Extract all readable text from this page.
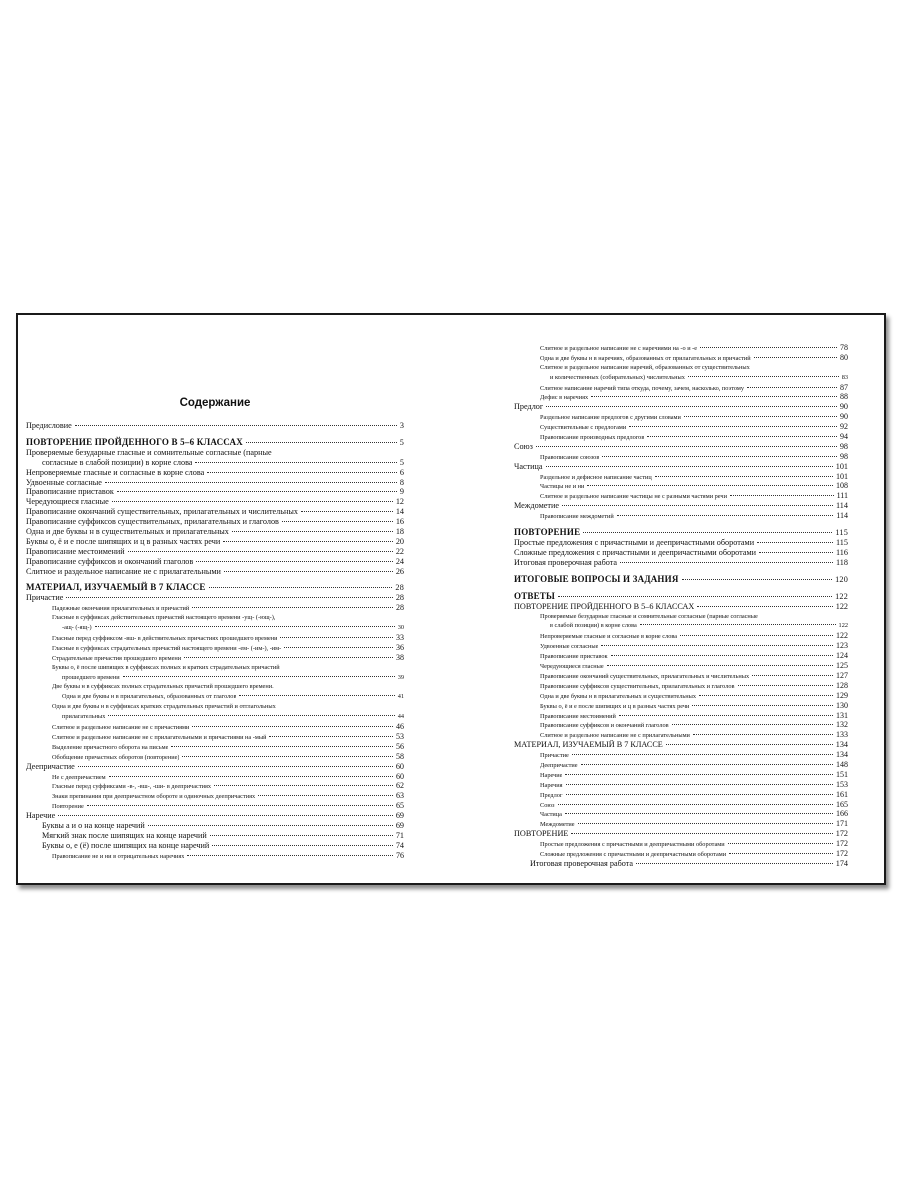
Содержание
Предисловие	3
ПОВТОРЕНИЕ ПРОЙДЕННОГО В 5–6 КЛАССАХ	5
Проверяемые безударные гласные и сомнительные согласные (парные
согласные в слабой позиции) в корне слова	5
Непроверяемые гласные и согласные в корне слова	6
Удвоенные согласные	8
Правописание приставок	9
Чередующиеся гласные	12
Правописание окончаний существительных, прилагательных и числительных	14
Правописание суффиксов существительных, прилагательных и глаголов	16
Одна и две буквы н в существительных и прилагательных	18
Буквы о, ё и е после шипящих и ц в разных частях речи	20
Правописание местоимений	22
Правописание суффиксов и окончаний глаголов	24
Слитное и раздельное написание не с прилагательными	26
МАТЕРИАЛ, ИЗУЧАЕМЫЙ В 7 КЛАССЕ	28
Причастие	28
Падежные окончания прилагательных и причастий	28
Гласные в суффиксах действительных причастий настоящего времени -ущ- (-ющ-),
-ащ- (-ящ-)	30
Гласные перед суффиксом -вш- в действительных причастиях прошедшего времени	33
Гласные в суффиксах страдательных причастий настоящего времени -ем- (-им-), -им-	36
Страдательные причастия прошедшего времени	38
Буквы о, ё после шипящих в суффиксах полных и кратких страдательных причастий
прошедшего времени	39
Две буквы н в суффиксах полных страдательных причастий прошедшего времени.
Одна и две буквы н в прилагательных, образованных от глаголов	41
Одна и две буквы н в суффиксах кратких страдательных причастий и отглагольных
прилагательных	44
Слитное и раздельное написание не с причастиями	46
Слитное и раздельное написание не с прилагательными и причастиями на -мый	53
Выделение причастного оборота на письме	56
Обобщение причастных оборотов (повторение)	58
Деепричастие	60
Не с деепричастием	60
Гласные перед суффиксами -в-, -вш-, -ши- в деепричастиях	62
Знаки препинания при деепричастном обороте и одиночных деепричастиях	63
Повторение	65
Наречие	69
Буквы а и о на конце наречий	69
Мягкий знак после шипящих на конце наречий	71
Буквы о, е (ё) после шипящих на конце наречий	74
Правописание не и ни в отрицательных наречиях	76
Слитное и раздельное написание не с наречиями на -о и -е	78
Одна и две буквы н в наречиях, образованных от прилагательных и причастий	80
Слитное и раздельное написание наречий, образованных от существительных
и количественных (собирательных) числительных	83
Слитное написание наречий типа откуда, почему, зачем, насколько, поэтому	87
Дефис в наречиях	88
Предлог	90
Раздельное написание предлогов с другими словами	90
Существительные с предлогами	92
Правописание производных предлогов	94
Союз	98
Правописание союзов	98
Частица	101
Раздельное и дефисное написание частиц	101
Частицы не и ни	108
Слитное и раздельное написание частицы не с разными частями речи	111
Междометие	114
Правописание междометий	114
ПОВТОРЕНИЕ	115
Простые предложения с причастными и деепричастными оборотами	115
Сложные предложения с причастными и деепричастными оборотами	116
Итоговая проверочная работа	118
ИТОГОВЫЕ ВОПРОСЫ И ЗАДАНИЯ	120
ОТВЕТЫ	122
ПОВТОРЕНИЕ ПРОЙДЕННОГО В 5–6 КЛАССАХ	122
Проверяемые безударные гласные и сомнительные согласные (парные согласные
в слабой позиции) в корне слова	122
Непроверяемые гласные и согласные в корне слова	122
Удвоенные согласные	123
Правописание приставок	124
Чередующиеся гласные	125
Правописание окончаний существительных, прилагательных и числительных	127
Правописание суффиксов существительных, прилагательных и глаголов	128
Одна и две буквы н в прилагательных и существительных	129
Буквы о, ё и е после шипящих и ц в разных частях речи	130
Правописание местоимений	131
Правописание суффиксов и окончаний глаголов	132
Слитное и раздельное написание не с прилагательными	133
МАТЕРИАЛ, ИЗУЧАЕМЫЙ В 7 КЛАССЕ	134
Причастие	134
Деепричастие	148
Наречие	151
Наречия	153
Предлог	161
Союз	165
Частица	166
Междометие	171
ПОВТОРЕНИЕ	172
Простые предложения с причастными и деепричастными оборотами	172
Сложные предложения с причастными и деепричастными оборотами	172
Итоговая проверочная работа	174
